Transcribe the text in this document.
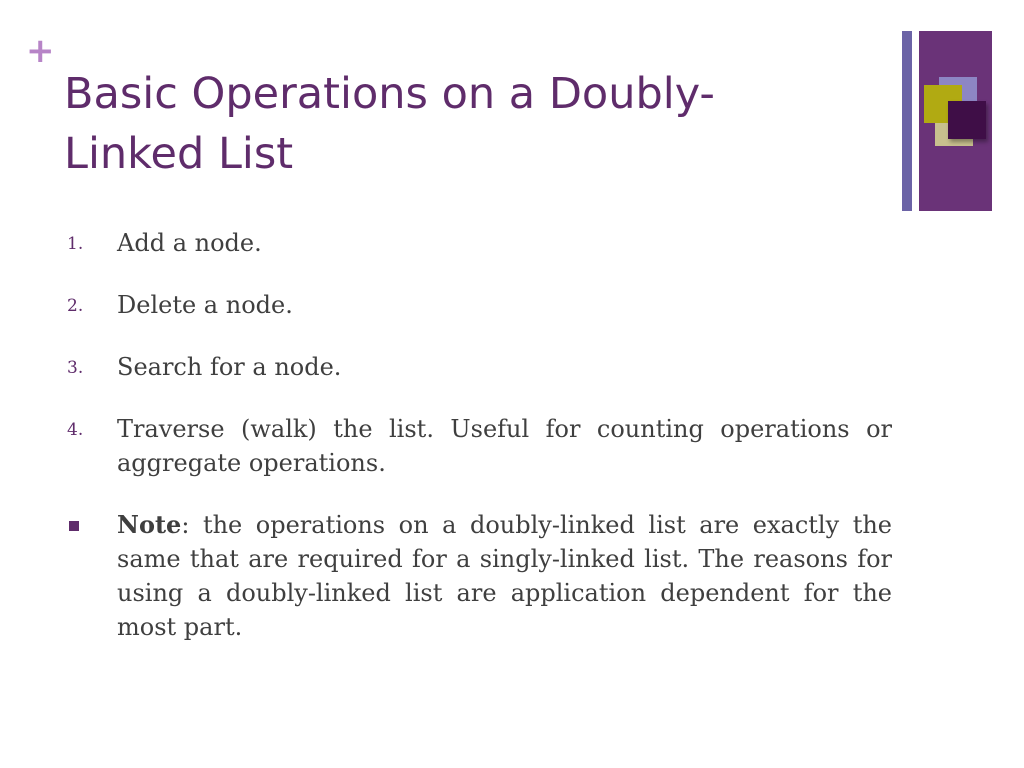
+
Basic Operations on a Doubly-
Linked List
1. Add a node.
2. Delete a node.
3. Search for a node.
4. Traverse (walk) the list. Useful for counting operations or aggregate operations.
Note: the operations on a doubly-linked list are exactly the same that are required for a singly-linked list. The reasons for using a doubly-linked list are application dependent for the most part.
